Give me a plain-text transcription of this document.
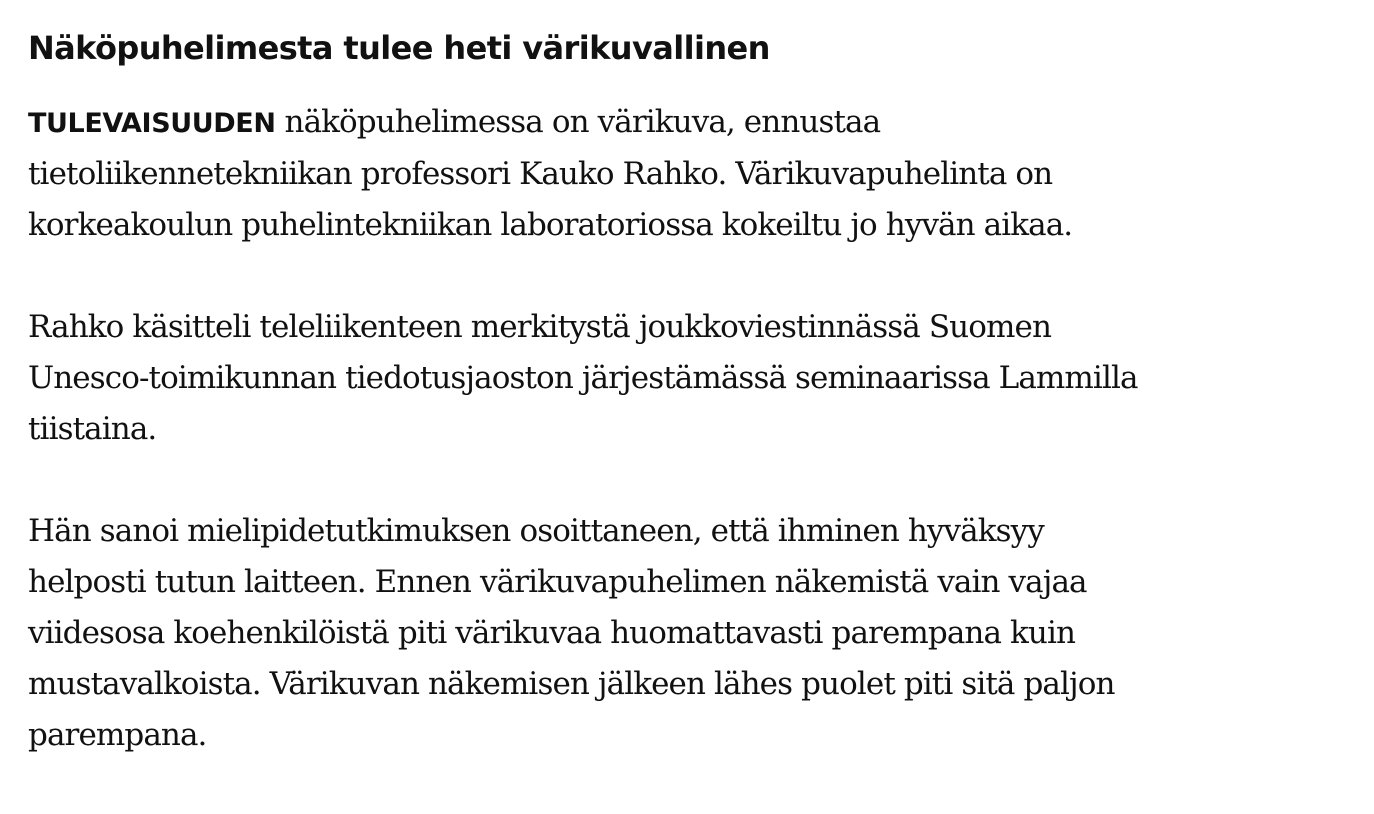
Näköpuhelimesta tulee heti värikuvallinen

TULEVAISUUDEN näköpuhelimessa on värikuva, ennustaa
tietoliikennetekniikan professori Kauko Rahko. Värikuvapuhelinta on
korkeakoulun puhelintekniikan laboratoriossa kokeiltu jo hyvän aikaa.

Rahko käsitteli teleliikenteen merkitystä joukkoviestinnässä Suomen
Unesco-toimikunnan tiedotusjaoston järjestämässä seminaarissa Lammilla
tiistaina.

Hän sanoi mielipidetutkimuksen osoittaneen, että ihminen hyväksyy
helposti tutun laitteen. Ennen värikuvapuhelimen näkemistä vain vajaa
viidesosa koehenkilöistä piti värikuvaa huomattavasti parempana kuin
mustavalkoista. Värikuvan näkemisen jälkeen lähes puolet piti sitä paljon
parempana.
